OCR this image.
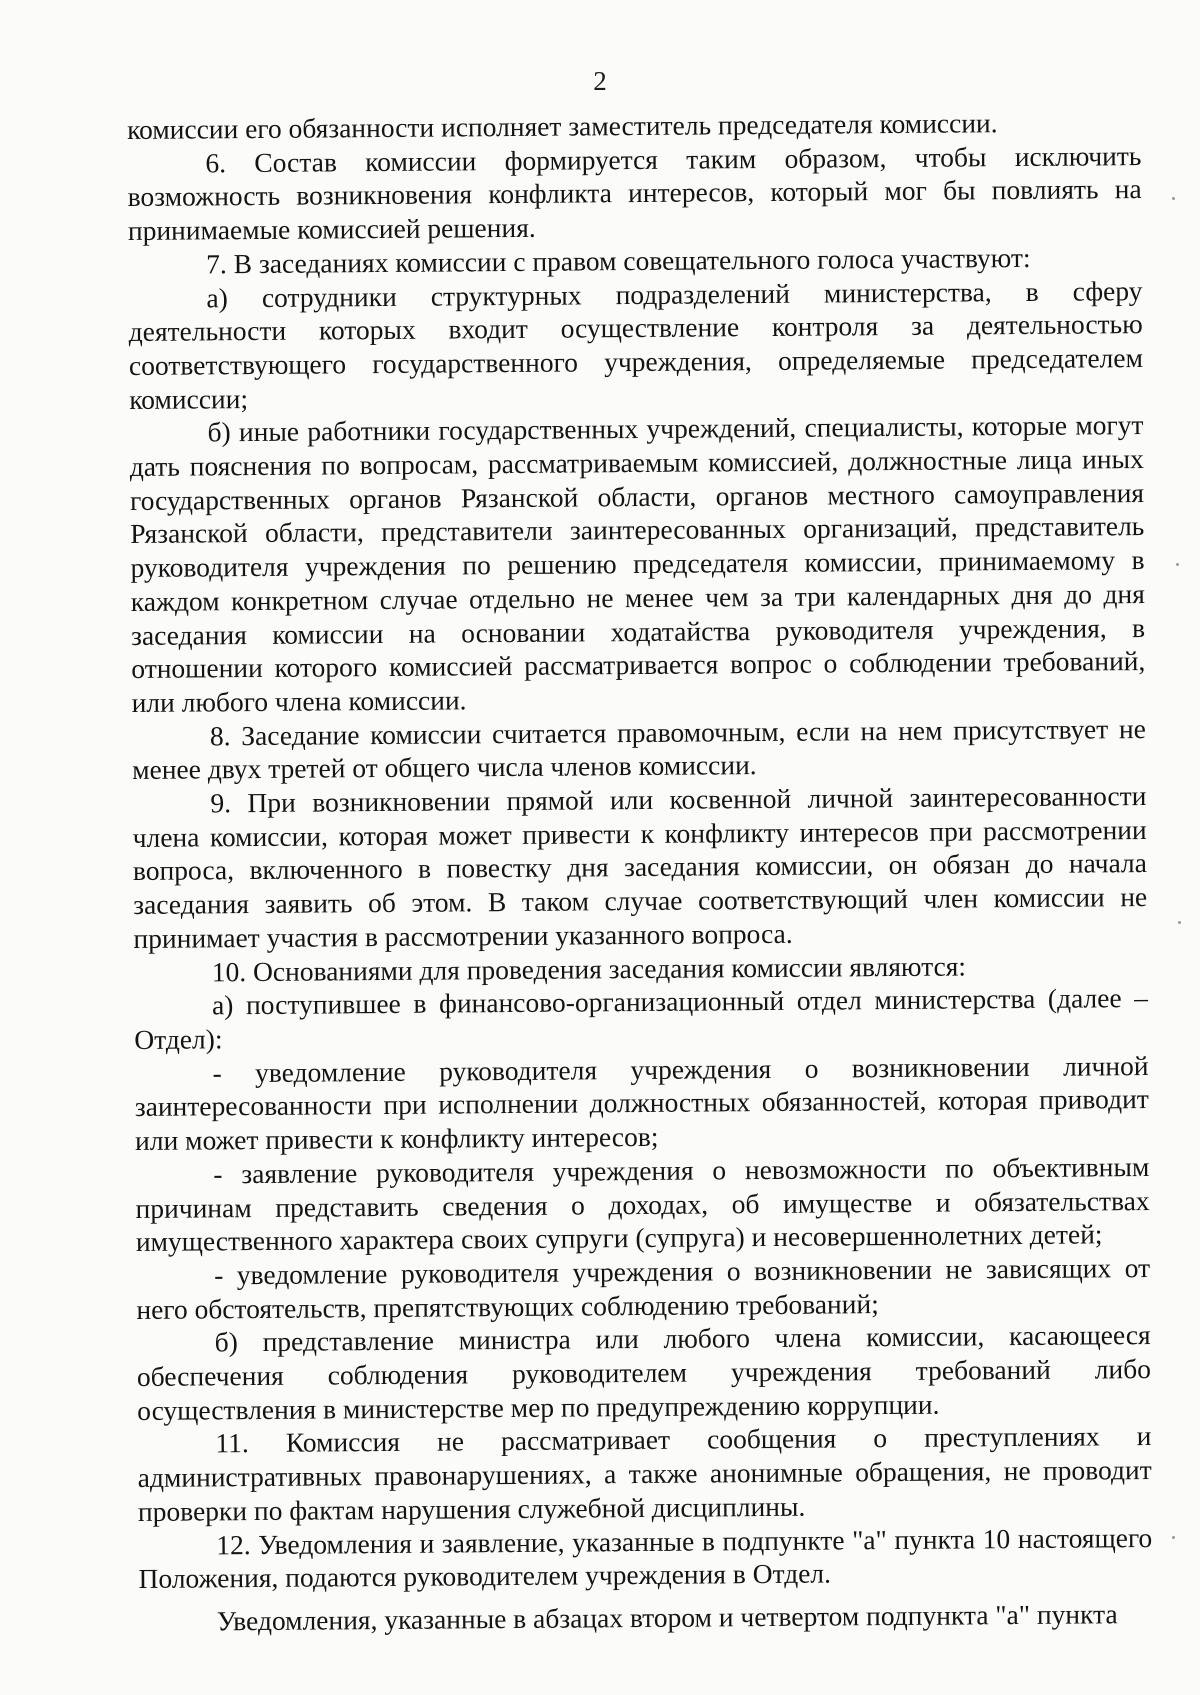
2

комиссии его обязанности исполняет заместитель председателя комиссии.

6. Состав комиссии формируется таким образом, чтобы исключить возможность возникновения конфликта интересов, который мог бы повлиять на принимаемые комиссией решения.

7. В заседаниях комиссии с правом совещательного голоса участвуют:

а) сотрудники структурных подразделений министерства, в сферу деятельности которых входит осуществление контроля за деятельностью соответствующего государственного учреждения, определяемые председателем комиссии;

б) иные работники государственных учреждений, специалисты, которые могут дать пояснения по вопросам, рассматриваемым комиссией, должностные лица иных государственных органов Рязанской области, органов местного самоуправления Рязанской области, представители заинтересованных организаций, представитель руководителя учреждения по решению председателя комиссии, принимаемому в каждом конкретном случае отдельно не менее чем за три календарных дня до дня заседания комиссии на основании ходатайства руководителя учреждения, в отношении которого комиссией рассматривается вопрос о соблюдении требований, или любого члена комиссии.

8. Заседание комиссии считается правомочным, если на нем присутствует не менее двух третей от общего числа членов комиссии.

9. При возникновении прямой или косвенной личной заинтересованности члена комиссии, которая может привести к конфликту интересов при рассмотрении вопроса, включенного в повестку дня заседания комиссии, он обязан до начала заседания заявить об этом. В таком случае соответствующий член комиссии не принимает участия в рассмотрении указанного вопроса.

10. Основаниями для проведения заседания комиссии являются:

а) поступившее в финансово-организационный отдел министерства (далее – Отдел):

- уведомление руководителя учреждения о возникновении личной заинтересованности при исполнении должностных обязанностей, которая приводит или может привести к конфликту интересов;

- заявление руководителя учреждения о невозможности по объективным причинам представить сведения о доходах, об имуществе и обязательствах имущественного характера своих супруги (супруга) и несовершеннолетних детей;

- уведомление руководителя учреждения о возникновении не зависящих от него обстоятельств, препятствующих соблюдению требований;

б) представление министра или любого члена комиссии, касающееся обеспечения соблюдения руководителем учреждения требований либо осуществления в министерстве мер по предупреждению коррупции.

11. Комиссия не рассматривает сообщения о преступлениях и административных правонарушениях, а также анонимные обращения, не проводит проверки по фактам нарушения служебной дисциплины.

12. Уведомления и заявление, указанные в подпункте "а" пункта 10 настоящего Положения, подаются руководителем учреждения в Отдел.

Уведомления, указанные в абзацах втором и четвертом подпункта "а" пункта
